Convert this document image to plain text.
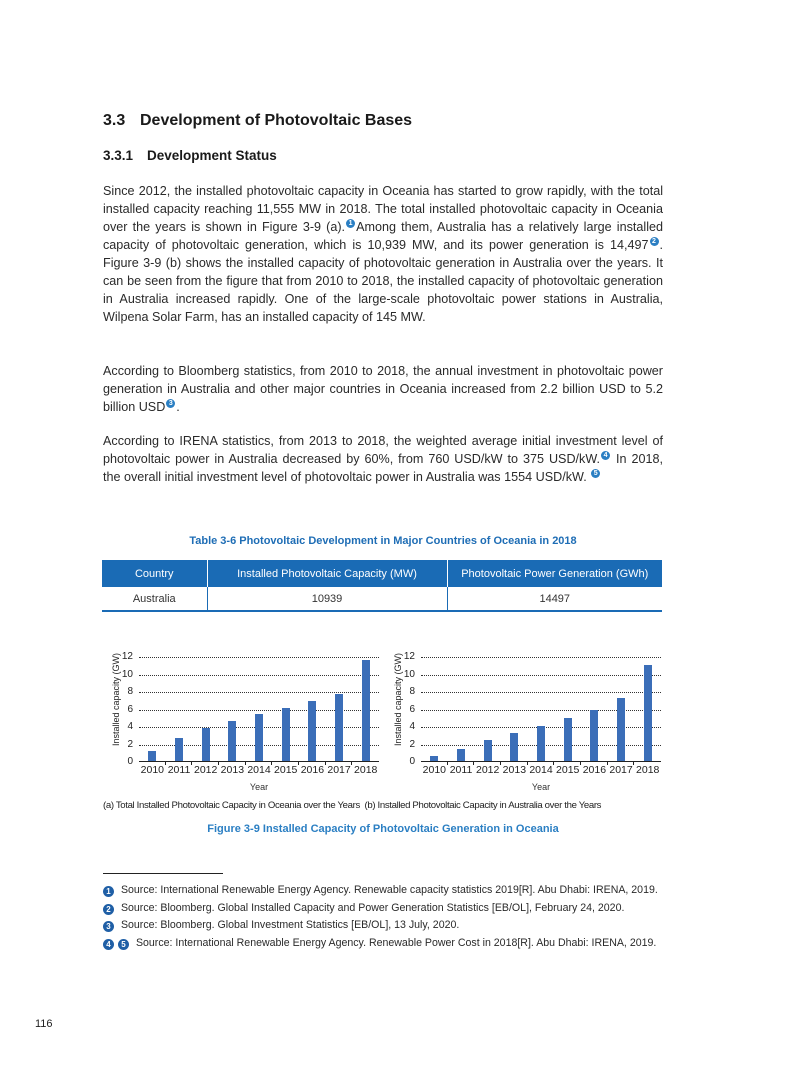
3.3 Development of Photovoltaic Bases
3.3.1 Development Status

Since 2012, the installed photovoltaic capacity in Oceania has started to grow rapidly, with the total installed capacity reaching 11,555 MW in 2018. The total installed photovoltaic capacity in Oceania over the years is shown in Figure 3-9 (a). 1 Among them, Australia has a relatively large installed capacity of photovoltaic generation, which is 10,939 MW, and its power generation is 14,497 2 . Figure 3-9 (b) shows the installed capacity of photovoltaic generation in Australia over the years. It can be seen from the figure that from 2010 to 2018, the installed capacity of photovoltaic generation in Australia increased rapidly. One of the large-scale photovoltaic power stations in Australia, Wilpena Solar Farm, has an installed capacity of 145 MW.

According to Bloomberg statistics, from 2010 to 2018, the annual investment in photovoltaic power generation in Australia and other major countries in Oceania increased from 2.2 billion USD to 5.2 billion USD 3 .

According to IRENA statistics, from 2013 to 2018, the weighted average initial investment level of photovoltaic power in Australia decreased by 60%, from 760 USD/kW to 375 USD/kW. 4 In 2018, the overall initial investment level of photovoltaic power in Australia was 1554 USD/kW. 5

Table 3-6 Photovoltaic Development in Major Countries of Oceania in 2018
Country	Installed Photovoltaic Capacity (MW)	Photovoltaic Power Generation (GWh)
Australia	10939	14497
Installed capacity (GW)
0
2
4
6
8
10
12
2010 2011 2012 2013 2014 2015 2016 2017 2018
Year
Installed capacity (GW)
0
2
4
6
8
10
12
2010 2011 2012 2013 2014 2015 2016 2017 2018
Year
(a) Total Installed Photovoltaic Capacity in Oceania over the Years (b) Installed Photovoltaic Capacity in Australia over the Years
Figure 3-9 Installed Capacity of Photovoltaic Generation in Oceania
1 Source: International Renewable Energy Agency. Renewable capacity statistics 2019[R]. Abu Dhabi: IRENA, 2019.
2 Source: Bloomberg. Global Installed Capacity and Power Generation Statistics [EB/OL], February 24, 2020.
3 Source: Bloomberg. Global Investment Statistics [EB/OL], 13 July, 2020.
4 5 Source: International Renewable Energy Agency. Renewable Power Cost in 2018[R]. Abu Dhabi: IRENA, 2019.
116
